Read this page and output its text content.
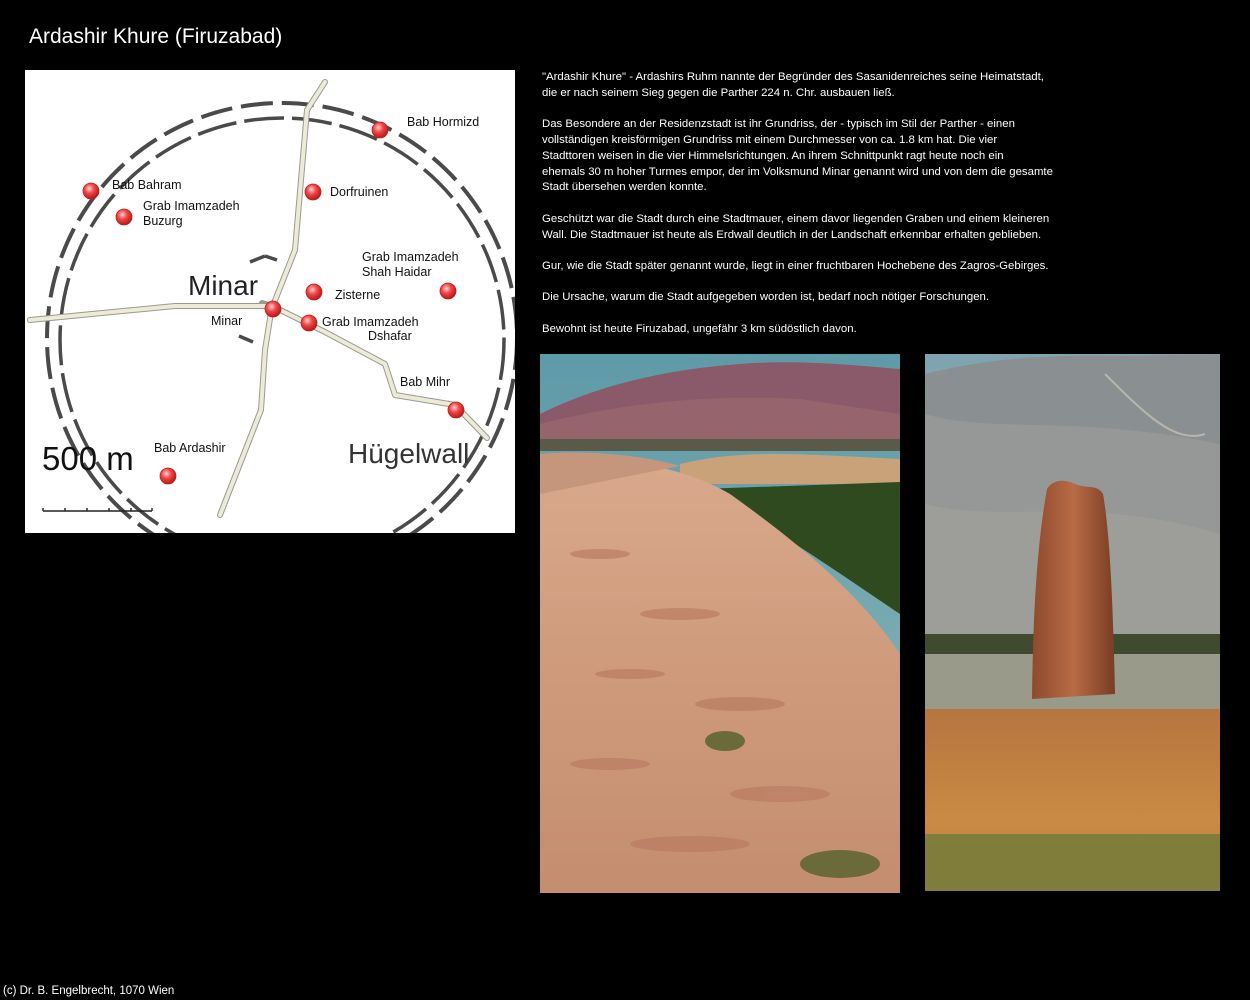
Ardashir Khure (Firuzabad)
Bab Hormizd
Bab Bahram
Grab Imamzadeh
Buzurg
Dorfruinen
Grab Imamzadeh
Shah Haidar
Minar	Zisterne
Minar	Grab Imamzadeh
Dshafar
Bab Mihr
500 m Bab Ardashir	Hügelwall

"Ardashir Khure" - Ardashirs Ruhm nannte der Begründer des Sasanidenreiches seine Heimatstadt,
die er nach seinem Sieg gegen die Parther 224 n. Chr. ausbauen ließ.

Das Besondere an der Residenzstadt ist ihr Grundriss, der - typisch im Stil der Parther - einen
vollständigen kreisförmigen Grundriss mit einem Durchmesser von ca. 1.8 km hat. Die vier
Stadttoren weisen in die vier Himmelsrichtungen. An ihrem Schnittpunkt ragt heute noch ein
ehemals 30 m hoher Turmes empor, der im Volksmund Minar genannt wird und von dem die gesamte
Stadt übersehen werden konnte.

Geschützt war die Stadt durch eine Stadtmauer, einem davor liegenden Graben und einem kleineren
Wall. Die Stadtmauer ist heute als Erdwall deutlich in der Landschaft erkennbar erhalten geblieben.

Gur, wie die Stadt später genannt wurde, liegt in einer fruchtbaren Hochebene des Zagros-Gebirges.

Die Ursache, warum die Stadt aufgegeben worden ist, bedarf noch nötiger Forschungen.

Bewohnt ist heute Firuzabad, ungefähr 3 km südöstlich davon.

(c) Dr. B. Engelbrecht, 1070 Wien
